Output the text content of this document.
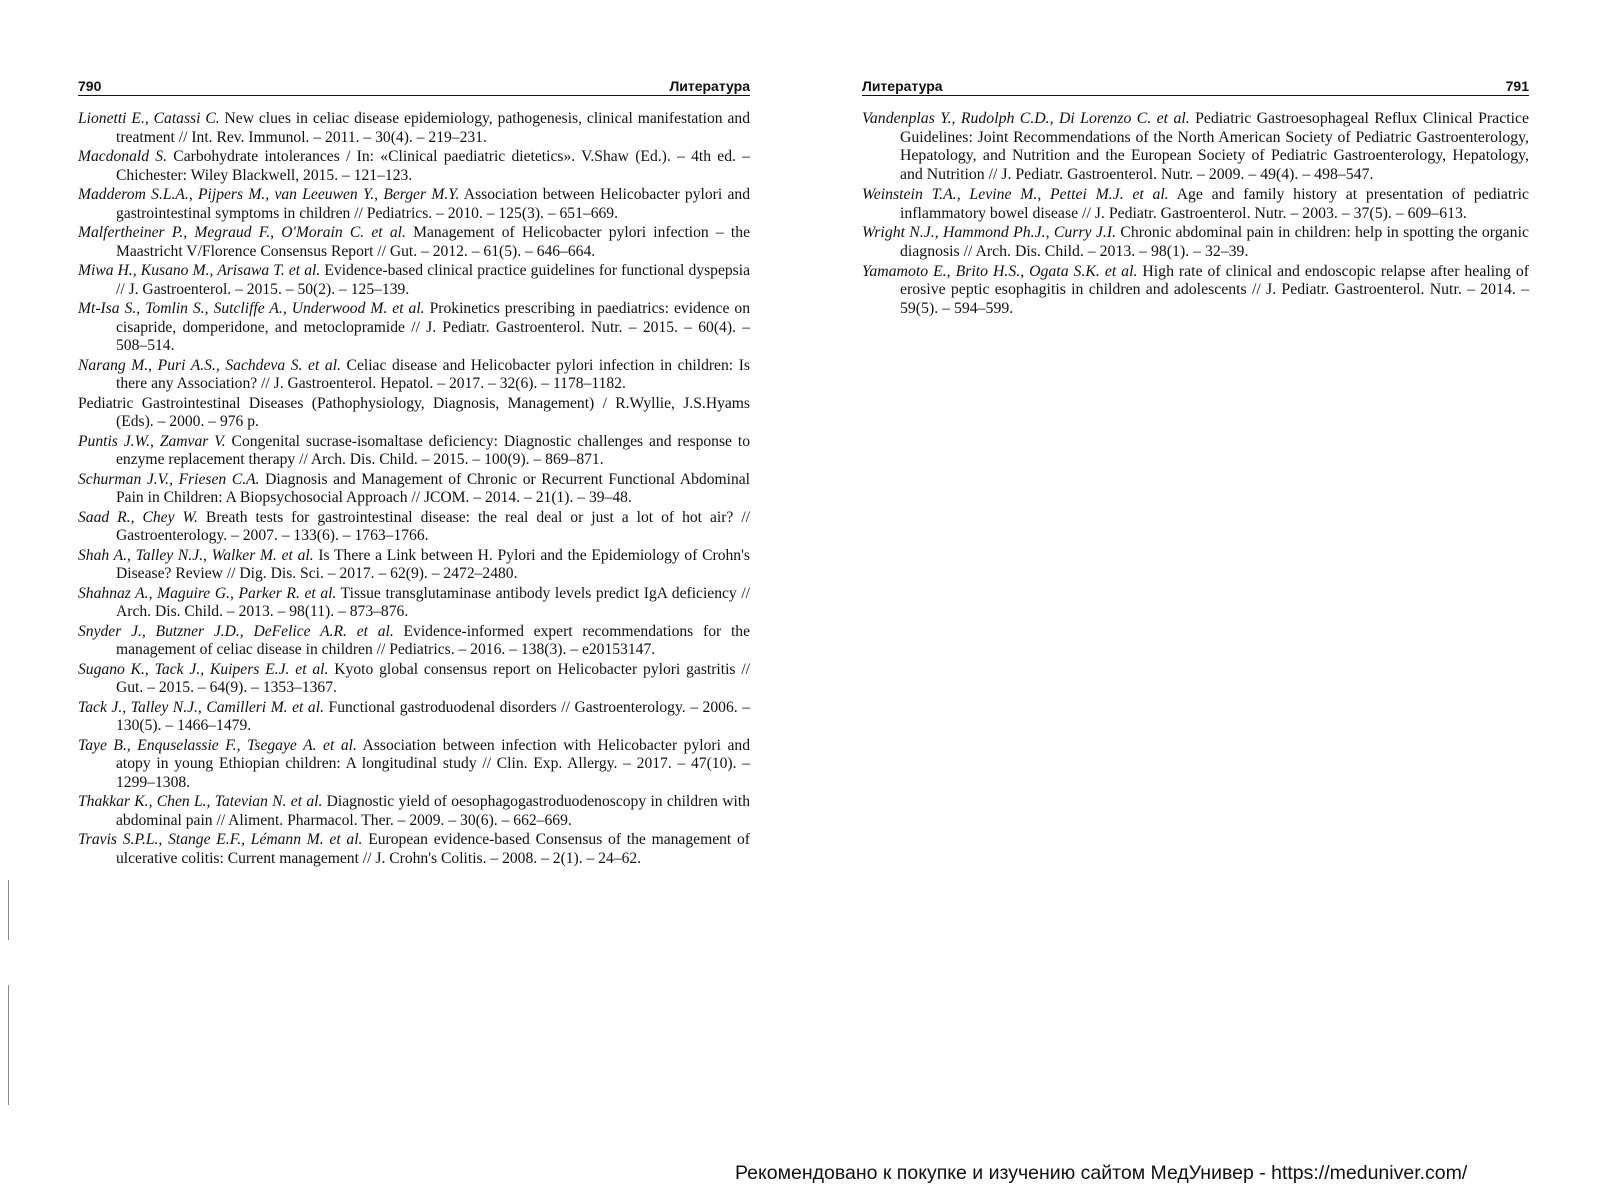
790	Литература
Lionetti E., Catassi C. New clues in celiac disease epidemiology, pathogenesis, clinical manifestation and treatment // Int. Rev. Immunol. – 2011. – 30(4). – 219–231.
Macdonald S. Carbohydrate intolerances / In: «Clinical paediatric dietetics». V.Shaw (Ed.). – 4th ed. – Chichester: Wiley Blackwell, 2015. – 121–123.
Madderom S.L.A., Pijpers M., van Leeuwen Y., Berger M.Y. Association between Helicobacter pylori and gastrointestinal symptoms in children // Pediatrics. – 2010. – 125(3). – 651–669.
Malfertheiner P., Megraud F., O'Morain C. et al. Management of Helicobacter pylori infection – the Maastricht V/Florence Consensus Report // Gut. – 2012. – 61(5). – 646–664.
Miwa H., Kusano M., Arisawa T. et al. Evidence-based clinical practice guidelines for functional dyspepsia // J. Gastroenterol. – 2015. – 50(2). – 125–139.
Mt-Isa S., Tomlin S., Sutcliffe A., Underwood M. et al. Prokinetics prescribing in paediatrics: evidence on cisapride, domperidone, and metoclopramide // J. Pediatr. Gastroenterol. Nutr. – 2015. – 60(4). – 508–514.
Narang M., Puri A.S., Sachdeva S. et al. Celiac disease and Helicobacter pylori infection in children: Is there any Association? // J. Gastroenterol. Hepatol. – 2017. – 32(6). – 1178–1182.
Pediatric Gastrointestinal Diseases (Pathophysiology, Diagnosis, Management) / R.Wyllie, J.S.Hyams (Eds). – 2000. – 976 p.
Puntis J.W., Zamvar V. Congenital sucrase-isomaltase deficiency: Diagnostic challenges and response to enzyme replacement therapy // Arch. Dis. Child. – 2015. – 100(9). – 869–871.
Schurman J.V., Friesen C.A. Diagnosis and Management of Chronic or Recurrent Functional Abdominal Pain in Children: A Biopsychosocial Approach // JCOM. – 2014. – 21(1). – 39–48.
Saad R., Chey W. Breath tests for gastrointestinal disease: the real deal or just a lot of hot air? // Gastroenterology. – 2007. – 133(6). – 1763–1766.
Shah A., Talley N.J., Walker M. et al. Is There a Link between H. Pylori and the Epidemiology of Crohn's Disease? Review // Dig. Dis. Sci. – 2017. – 62(9). – 2472–2480.
Shahnaz A., Maguire G., Parker R. et al. Tissue transglutaminase antibody levels predict IgA deficiency // Arch. Dis. Child. – 2013. – 98(11). – 873–876.
Snyder J., Butzner J.D., DeFelice A.R. et al. Evidence-informed expert recommendations for the management of celiac disease in children // Pediatrics. – 2016. – 138(3). – e20153147.
Sugano K., Tack J., Kuipers E.J. et al. Kyoto global consensus report on Helicobacter pylori gastritis // Gut. – 2015. – 64(9). – 1353–1367.
Tack J., Talley N.J., Camilleri M. et al. Functional gastroduodenal disorders // Gastroenterology. – 2006. – 130(5). – 1466–1479.
Taye B., Enquselassie F., Tsegaye A. et al. Association between infection with Helicobacter pylori and atopy in young Ethiopian children: A longitudinal study // Clin. Exp. Allergy. – 2017. – 47(10). – 1299–1308.
Thakkar K., Chen L., Tatevian N. et al. Diagnostic yield of oesophagogastroduodenoscopy in children with abdominal pain // Aliment. Pharmacol. Ther. – 2009. – 30(6). – 662–669.
Travis S.P.L., Stange E.F., Lémann M. et al. European evidence-based Consensus of the management of ulcerative colitis: Current management // J. Crohn's Colitis. – 2008. – 2(1). – 24–62.
Литература	791
Vandenplas Y., Rudolph C.D., Di Lorenzo C. et al. Pediatric Gastroesophageal Reflux Clinical Practice Guidelines: Joint Recommendations of the North American Society of Pediatric Gastroenterology, Hepatology, and Nutrition and the European Society of Pediatric Gastroenterology, Hepatology, and Nutrition // J. Pediatr. Gastroenterol. Nutr. – 2009. – 49(4). – 498–547.
Weinstein T.A., Levine M., Pettei M.J. et al. Age and family history at presentation of pediatric inflammatory bowel disease // J. Pediatr. Gastroenterol. Nutr. – 2003. – 37(5). – 609–613.
Wright N.J., Hammond Ph.J., Curry J.I. Chronic abdominal pain in children: help in spotting the organic diagnosis // Arch. Dis. Child. – 2013. – 98(1). – 32–39.
Yamamoto E., Brito H.S., Ogata S.K. et al. High rate of clinical and endoscopic relapse after healing of erosive peptic esophagitis in children and adolescents // J. Pediatr. Gastroenterol. Nutr. – 2014. – 59(5). – 594–599.
Рекомендовано к покупке и изучению сайтом МедУнивер - https://meduniver.com/
